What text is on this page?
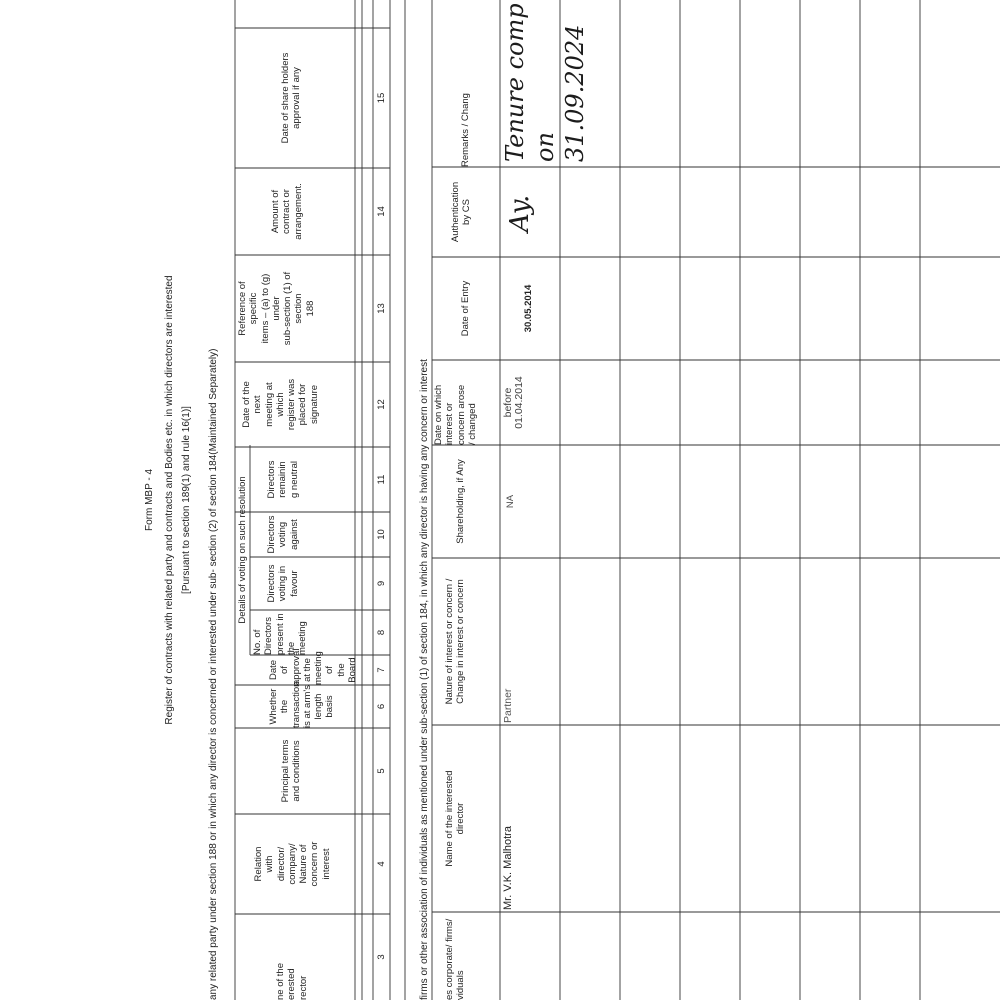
Form MBP - 4 Register of contracts with related party and contracts and Bodies etc. in which directors are interested [Pursuant to section 189(1) and rule 16(1)] any related party under section 188 or in which any director is concerned or interested under sub- section (2) of section 184(Maintained Separately)	ne of the
erested
rector
Relation
with
director/
company/
Nature of
concern or
interest
Principal terms
and conditions
Whether the
transaction
is at arm's
length basis
Date of
approval
at the
meeting of
the Board
Details of voting on such resolution
No. of
Directors
present in
the
meeting
Directors
voting in
favour
Directors
voting
against
Directors
remainin
g neutral
Date of the
next
meeting at
which
register was
placed for
signature
Reference of
specific
items – (a) to (g)
under
sub-section (1) of
section
188
Amount of
contract or
arrangement.
Date of share holders
approval if any
3
4
5
6
7
8
9
10
11
12
13
14
15
firms or other association of individuals as mentioned under sub-section (1) of section 184, in which any director is having any concern or interest es corporate/ firms/
viduals
Name of the interested
director
Nature of interest or concern /
Change in interest or concern
Shareholding, if Any
Date on which
interest or
concern arose
/ changed
Date of Entry
Authentication
by CS
Remarks / Chang
Mr. V.K. Malhotra
Partner
NA
before
01.04.2014
30.05.2014
Ay.
Tenure comp
on 31.09.2024
